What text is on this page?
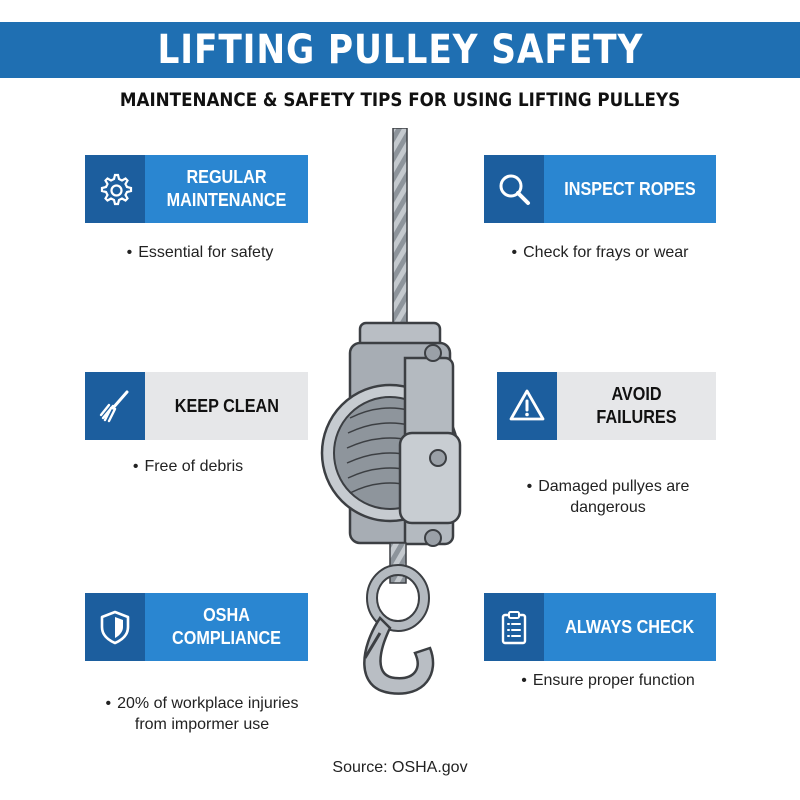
LIFTING PULLEY SAFETY
MAINTENANCE & SAFETY TIPS FOR USING LIFTING PULLEYS
REGULAR
MAINTENANCE
• Essential for safety
INSPECT ROPES
• Check for frays or wear
KEEP CLEAN
• Free of debris
AVOID FAILURES

• Damaged pullyes are
dangerous

OSHA COMPLIANCE

• 20% of workplace injuries
from impormer use

ALWAYS CHECK
• Ensure proper function
Source: OSHA.gov
